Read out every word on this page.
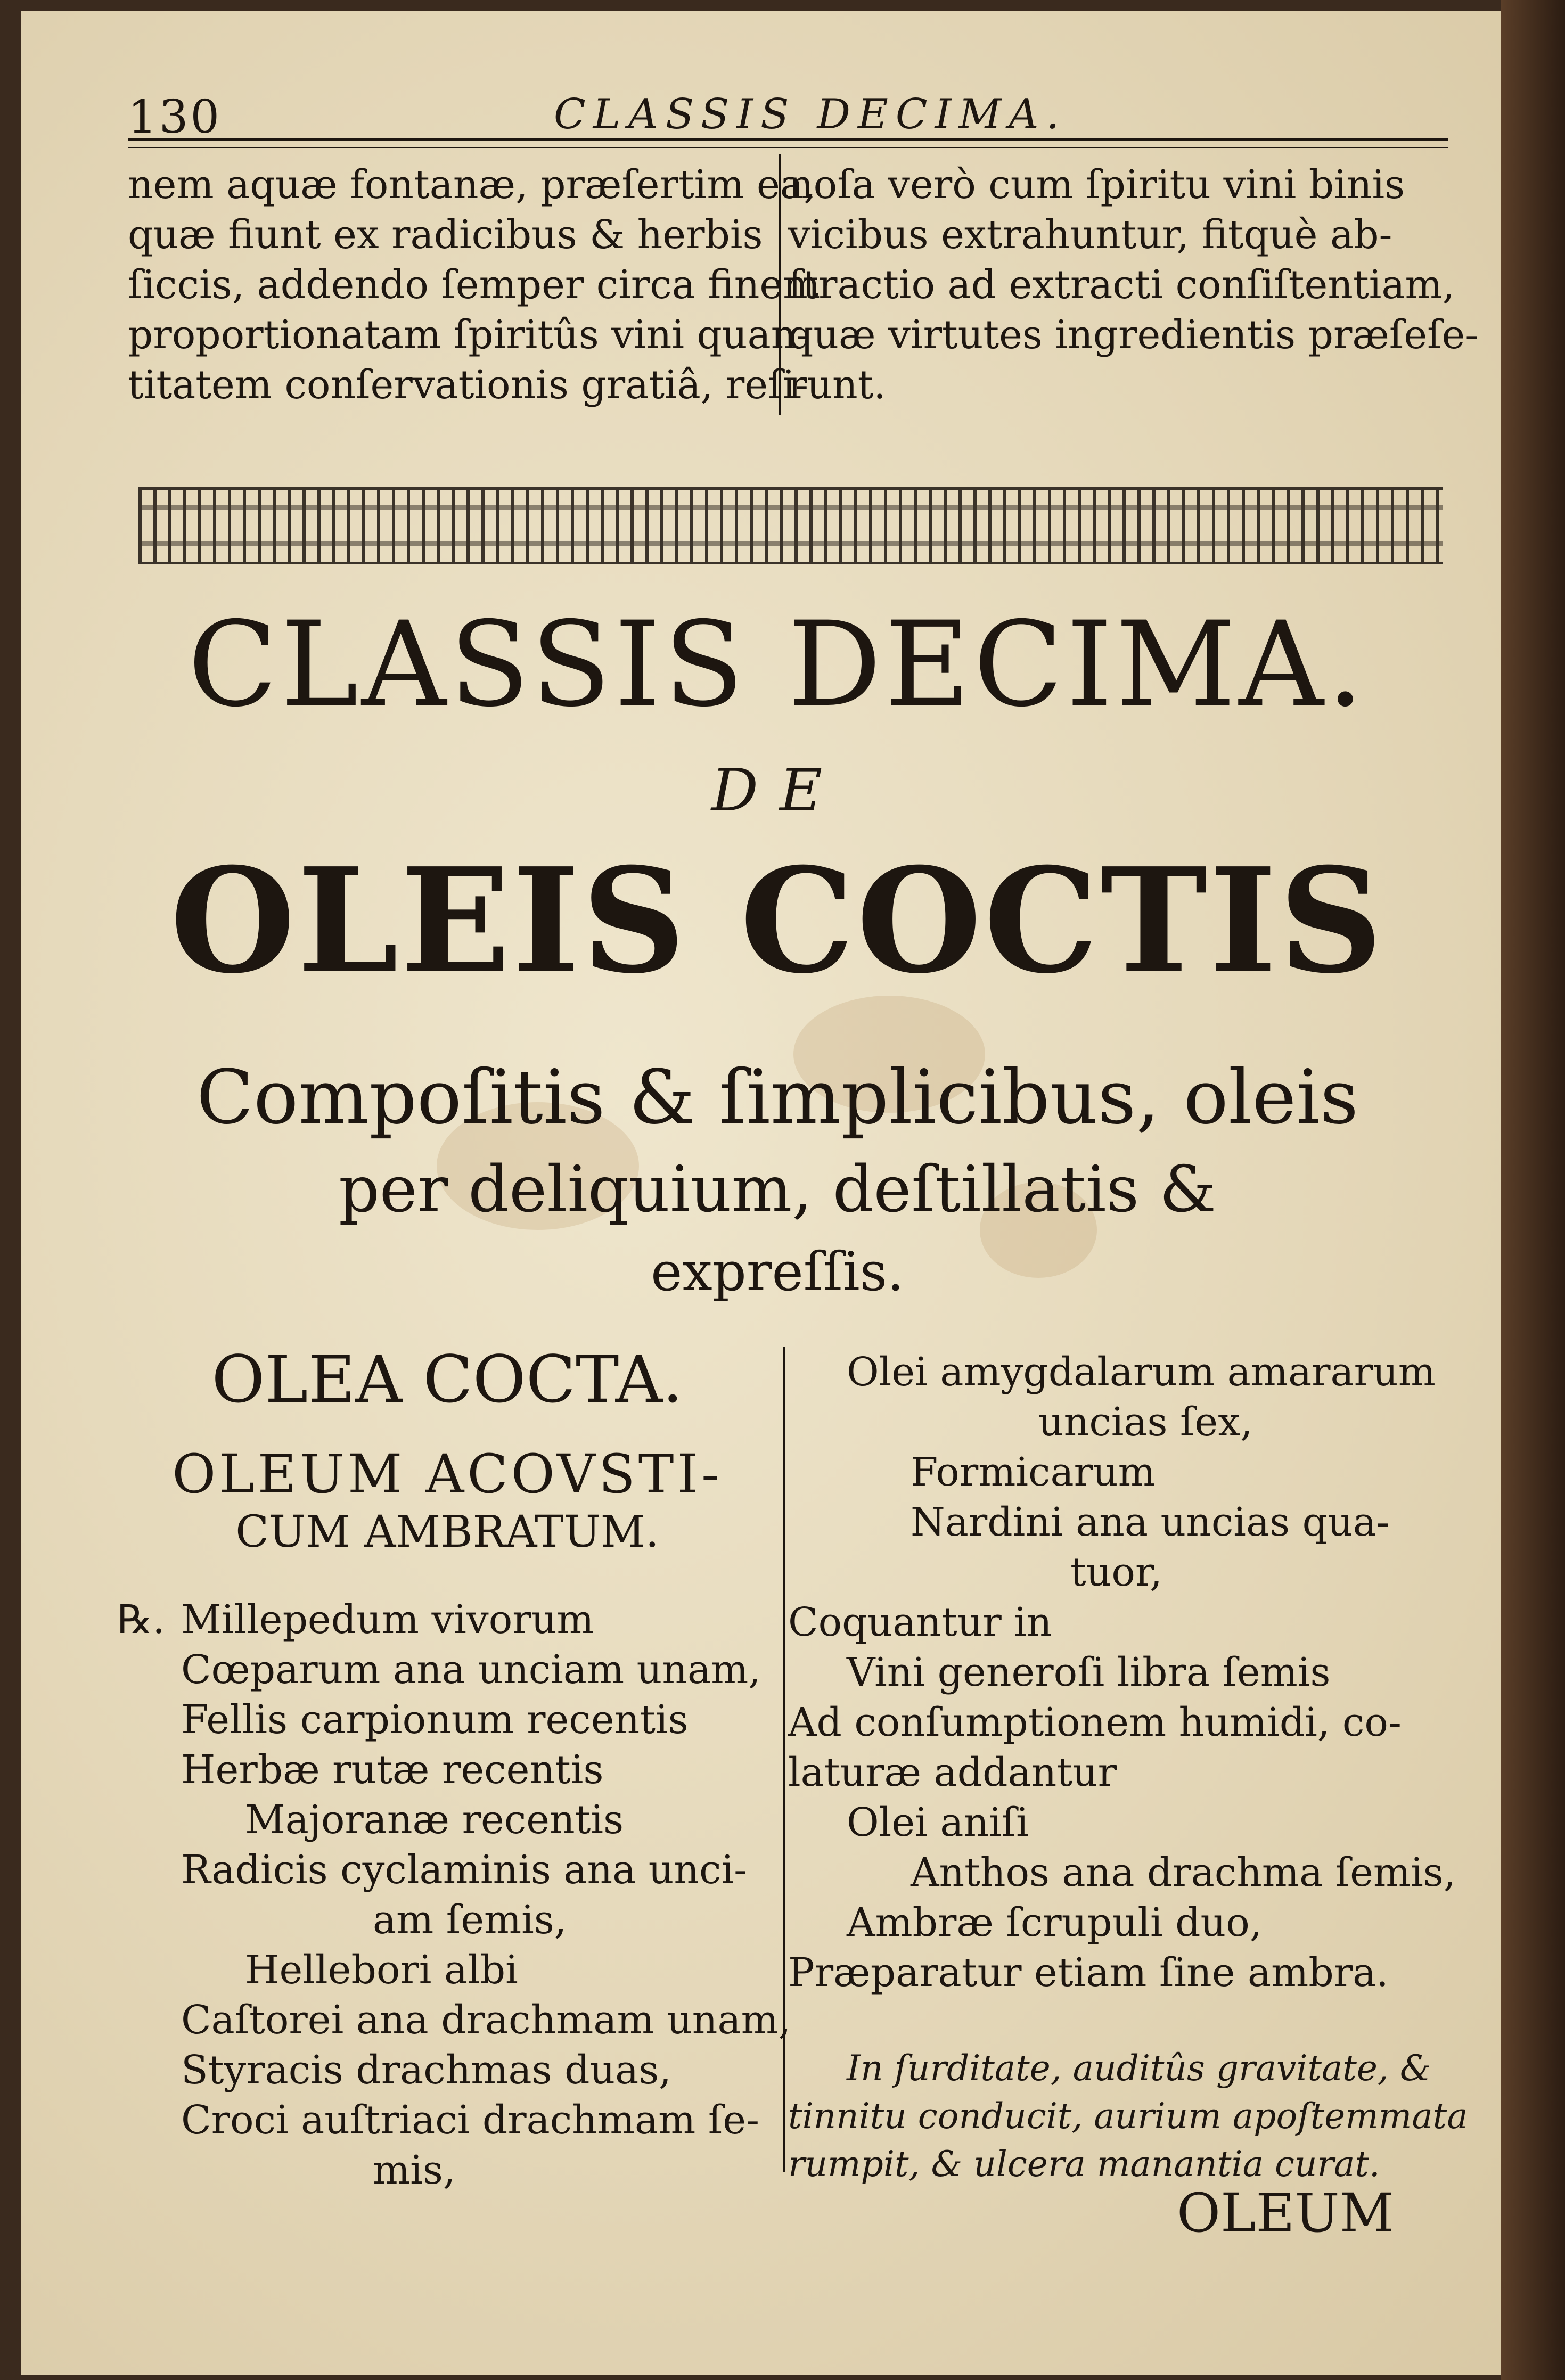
130	CLASSIS DECIMA.
nem aquæ fontanæ, præſertim ea,
quæ fiunt ex radicibus & herbis
ſiccis, addendo ſemper circa finem
proportionatam ſpiritûs vini quan-
titatem conſervationis gratiâ, reſi-
noſa verò cum ſpiritu vini binis
vicibus extrahuntur, fitquè ab-
ſtractio ad extracti conſiſtentiam,
quæ virtutes ingredientis præſeſe-
runt.
CLASSIS DECIMA.
DE
OLEIS COCTIS
Compoſitis & ſimplicibus, oleis
per deliquium, deſtillatis &
expreſſis.
OLEA COCTA.
OLEUM ACOVSTI-
CUM AMBRATUM.
℞. Millepedum vivorum
Cœparum ana unciam unam,
Fellis carpionum recentis
Herbæ rutæ recentis
Majoranæ recentis
Radicis cyclaminis ana unci-
am ſemis,
Hellebori albi
Caſtorei ana drachmam unam,
Styracis drachmas duas,
Croci auſtriaci drachmam ſe-
mis,
Olei amygdalarum amararum
uncias ſex,
Formicarum
Nardini ana uncias qua-
tuor,
Coquantur in
Vini generoſi libra ſemis
Ad conſumptionem humidi, co-
laturæ addantur
Olei aniſi
Anthos ana drachma ſemis,
Ambræ ſcrupuli duo,
Præparatur etiam ſine ambra.
In ſurditate, auditûs gravitate, &
tinnitu conducit, aurium apoſtemmata
rumpit, & ulcera manantia curat.
OLEUM
